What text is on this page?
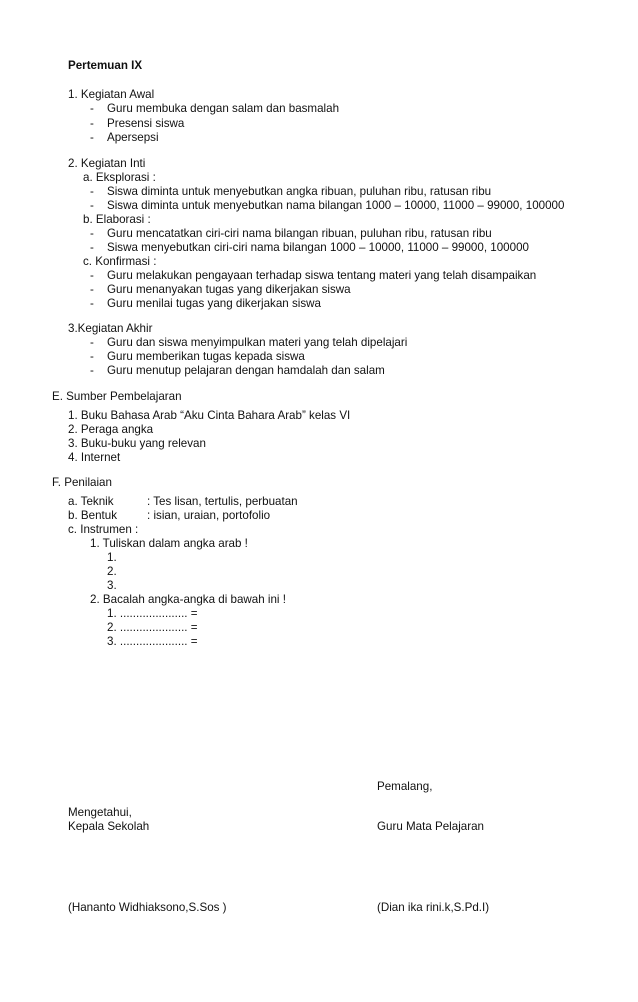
Pertemuan IX
1. Kegiatan Awal
- Guru membuka dengan salam dan basmalah
- Presensi siswa
- Apersepsi
2. Kegiatan Inti
a. Eksplorasi :
- Siswa diminta untuk menyebutkan angka ribuan, puluhan ribu, ratusan ribu
- Siswa diminta untuk menyebutkan nama bilangan 1000 – 10000, 11000 – 99000, 100000
b. Elaborasi :
- Guru mencatatkan ciri-ciri nama bilangan ribuan, puluhan ribu, ratusan ribu
- Siswa menyebutkan ciri-ciri nama bilangan 1000 – 10000, 11000 – 99000, 100000
c. Konfirmasi :
- Guru melakukan pengayaan terhadap siswa tentang materi yang telah disampaikan
- Guru menanyakan tugas yang dikerjakan siswa
- Guru menilai tugas yang dikerjakan siswa
3.Kegiatan Akhir
- Guru dan siswa menyimpulkan materi yang telah dipelajari
- Guru memberikan tugas kepada siswa
- Guru menutup pelajaran dengan hamdalah dan salam
E. Sumber Pembelajaran
1. Buku Bahasa Arab “Aku Cinta Bahara Arab” kelas VI
2. Peraga angka
3. Buku-buku yang relevan
4. Internet
F. Penilaian
a. Teknik	: Tes lisan, tertulis, perbuatan
b. Bentuk	: isian, uraian, portofolio
c. Instrumen :
1. Tuliskan dalam angka arab !
1.
2.
3.
2. Bacalah angka-angka di bawah ini !
1. ..................... =
2. ..................... =
3. ..................... =
Pemalang,
Mengetahui,
Kepala Sekolah	Guru Mata Pelajaran
(Hananto Widhiaksono,S.Sos )	(Dian ika rini.k,S.Pd.I)
